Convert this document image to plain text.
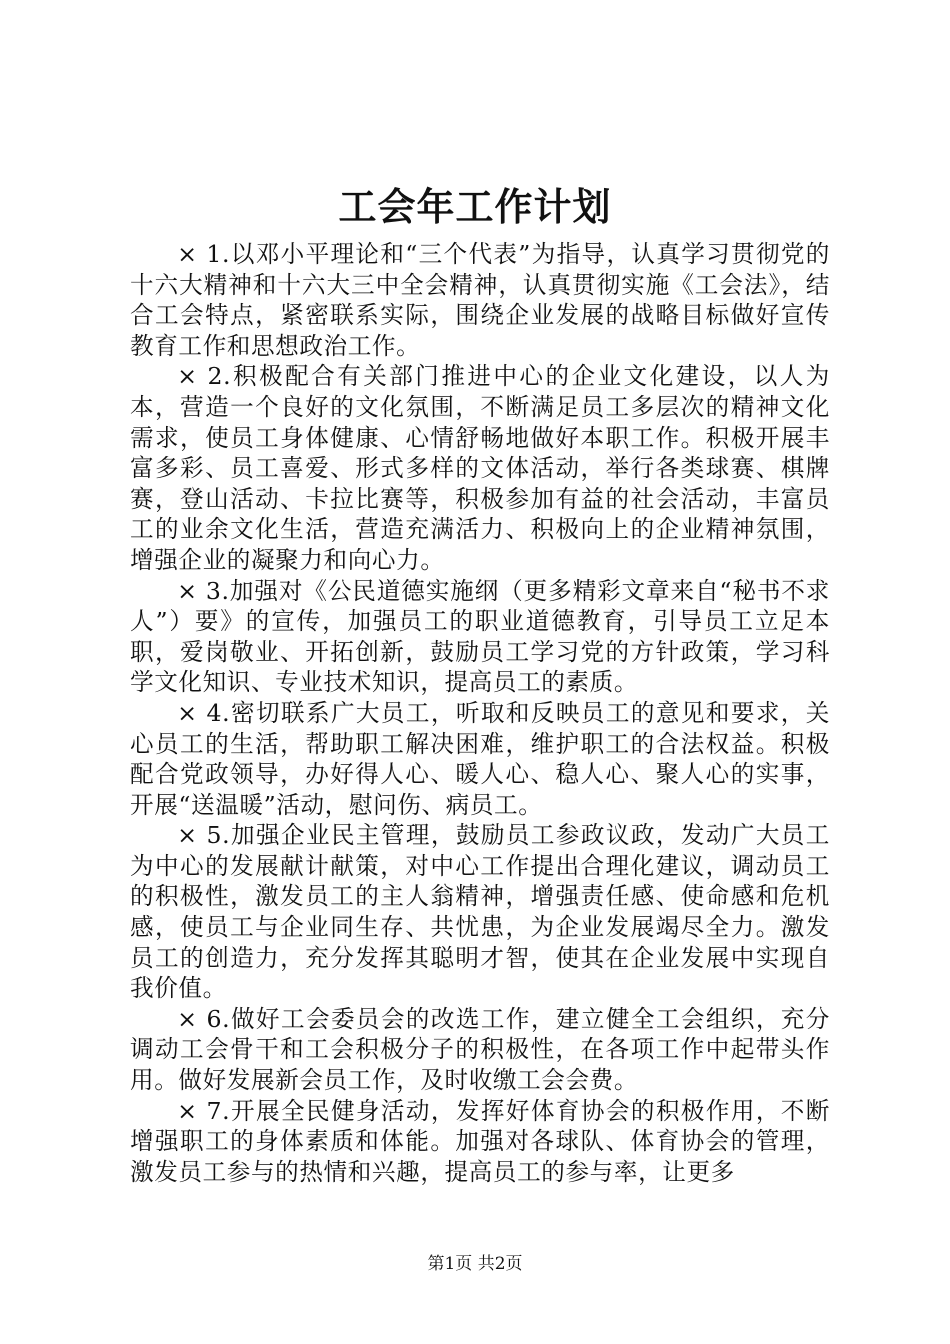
工会年工作计划

× 1.以邓小平理论和“三个代表”为指导，认真学习贯彻党的十六大精神和十六大三中全会精神，认真贯彻实施《工会法》，结合工会特点，紧密联系实际，围绕企业发展的战略目标做好宣传教育工作和思想政治工作。

× 2.积极配合有关部门推进中心的企业文化建设，以人为本，营造一个良好的文化氛围，不断满足员工多层次的精神文化需求，使员工身体健康、心情舒畅地做好本职工作。积极开展丰富多彩、员工喜爱、形式多样的文体活动，举行各类球赛、棋牌赛，登山活动、卡拉比赛等，积极参加有益的社会活动，丰富员工的业余文化生活，营造充满活力、积极向上的企业精神氛围，增强企业的凝聚力和向心力。

× 3.加强对《公民道德实施纲（更多精彩文章来自“秘书不求人”）要》的宣传，加强员工的职业道德教育，引导员工立足本职，爱岗敬业、开拓创新，鼓励员工学习党的方针政策，学习科学文化知识、专业技术知识，提高员工的素质。

× 4.密切联系广大员工，听取和反映员工的意见和要求，关心员工的生活，帮助职工解决困难，维护职工的合法权益。积极配合党政领导，办好得人心、暖人心、稳人心、聚人心的实事，开展“送温暖”活动，慰问伤、病员工。

× 5.加强企业民主管理，鼓励员工参政议政，发动广大员工为中心的发展献计献策，对中心工作提出合理化建议，调动员工的积极性，激发员工的主人翁精神，增强责任感、使命感和危机感，使员工与企业同生存、共忧患，为企业发展竭尽全力。激发员工的创造力，充分发挥其聪明才智，使其在企业发展中实现自我价值。

× 6.做好工会委员会的改选工作，建立健全工会组织，充分调动工会骨干和工会积极分子的积极性，在各项工作中起带头作用。做好发展新会员工作，及时收缴工会会费。

× 7.开展全民健身活动，发挥好体育协会的积极作用，不断增强职工的身体素质和体能。加强对各球队、体育协会的管理，激发员工参与的热情和兴趣，提高员工的参与率，让更多

第1页 共2页
